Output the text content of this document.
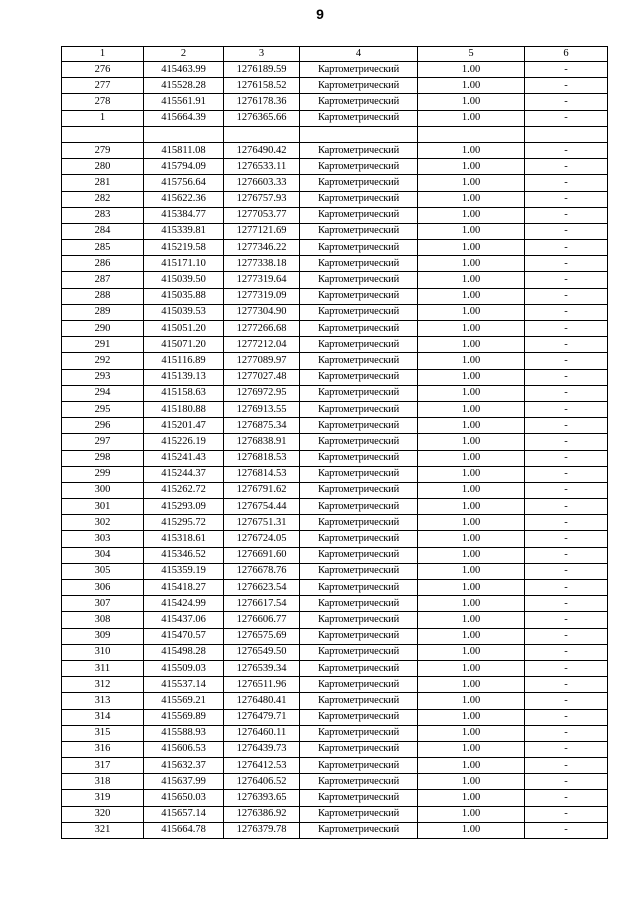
9
1	2	3	4	5	6
276	415463.99	1276189.59	Картометрический	1.00	-
277	415528.28	1276158.52	Картометрический	1.00	-
278	415561.91	1276178.36	Картометрический	1.00	-
1	415664.39	1276365.66	Картометрический	1.00	-

279	415811.08	1276490.42	Картометрический	1.00	-
280	415794.09	1276533.11	Картометрический	1.00	-
281	415756.64	1276603.33	Картометрический	1.00	-
282	415622.36	1276757.93	Картометрический	1.00	-
283	415384.77	1277053.77	Картометрический	1.00	-
284	415339.81	1277121.69	Картометрический	1.00	-
285	415219.58	1277346.22	Картометрический	1.00	-
286	415171.10	1277338.18	Картометрический	1.00	-
287	415039.50	1277319.64	Картометрический	1.00	-
288	415035.88	1277319.09	Картометрический	1.00	-
289	415039.53	1277304.90	Картометрический	1.00	-
290	415051.20	1277266.68	Картометрический	1.00	-
291	415071.20	1277212.04	Картометрический	1.00	-
292	415116.89	1277089.97	Картометрический	1.00	-
293	415139.13	1277027.48	Картометрический	1.00	-
294	415158.63	1276972.95	Картометрический	1.00	-
295	415180.88	1276913.55	Картометрический	1.00	-
296	415201.47	1276875.34	Картометрический	1.00	-
297	415226.19	1276838.91	Картометрический	1.00	-
298	415241.43	1276818.53	Картометрический	1.00	-
299	415244.37	1276814.53	Картометрический	1.00	-
300	415262.72	1276791.62	Картометрический	1.00	-
301	415293.09	1276754.44	Картометрический	1.00	-
302	415295.72	1276751.31	Картометрический	1.00	-
303	415318.61	1276724.05	Картометрический	1.00	-
304	415346.52	1276691.60	Картометрический	1.00	-
305	415359.19	1276678.76	Картометрический	1.00	-
306	415418.27	1276623.54	Картометрический	1.00	-
307	415424.99	1276617.54	Картометрический	1.00	-
308	415437.06	1276606.77	Картометрический	1.00	-
309	415470.57	1276575.69	Картометрический	1.00	-
310	415498.28	1276549.50	Картометрический	1.00	-
311	415509.03	1276539.34	Картометрический	1.00	-
312	415537.14	1276511.96	Картометрический	1.00	-
313	415569.21	1276480.41	Картометрический	1.00	-
314	415569.89	1276479.71	Картометрический	1.00	-
315	415588.93	1276460.11	Картометрический	1.00	-
316	415606.53	1276439.73	Картометрический	1.00	-
317	415632.37	1276412.53	Картометрический	1.00	-
318	415637.99	1276406.52	Картометрический	1.00	-
319	415650.03	1276393.65	Картометрический	1.00	-
320	415657.14	1276386.92	Картометрический	1.00	-
321	415664.78	1276379.78	Картометрический	1.00	-
